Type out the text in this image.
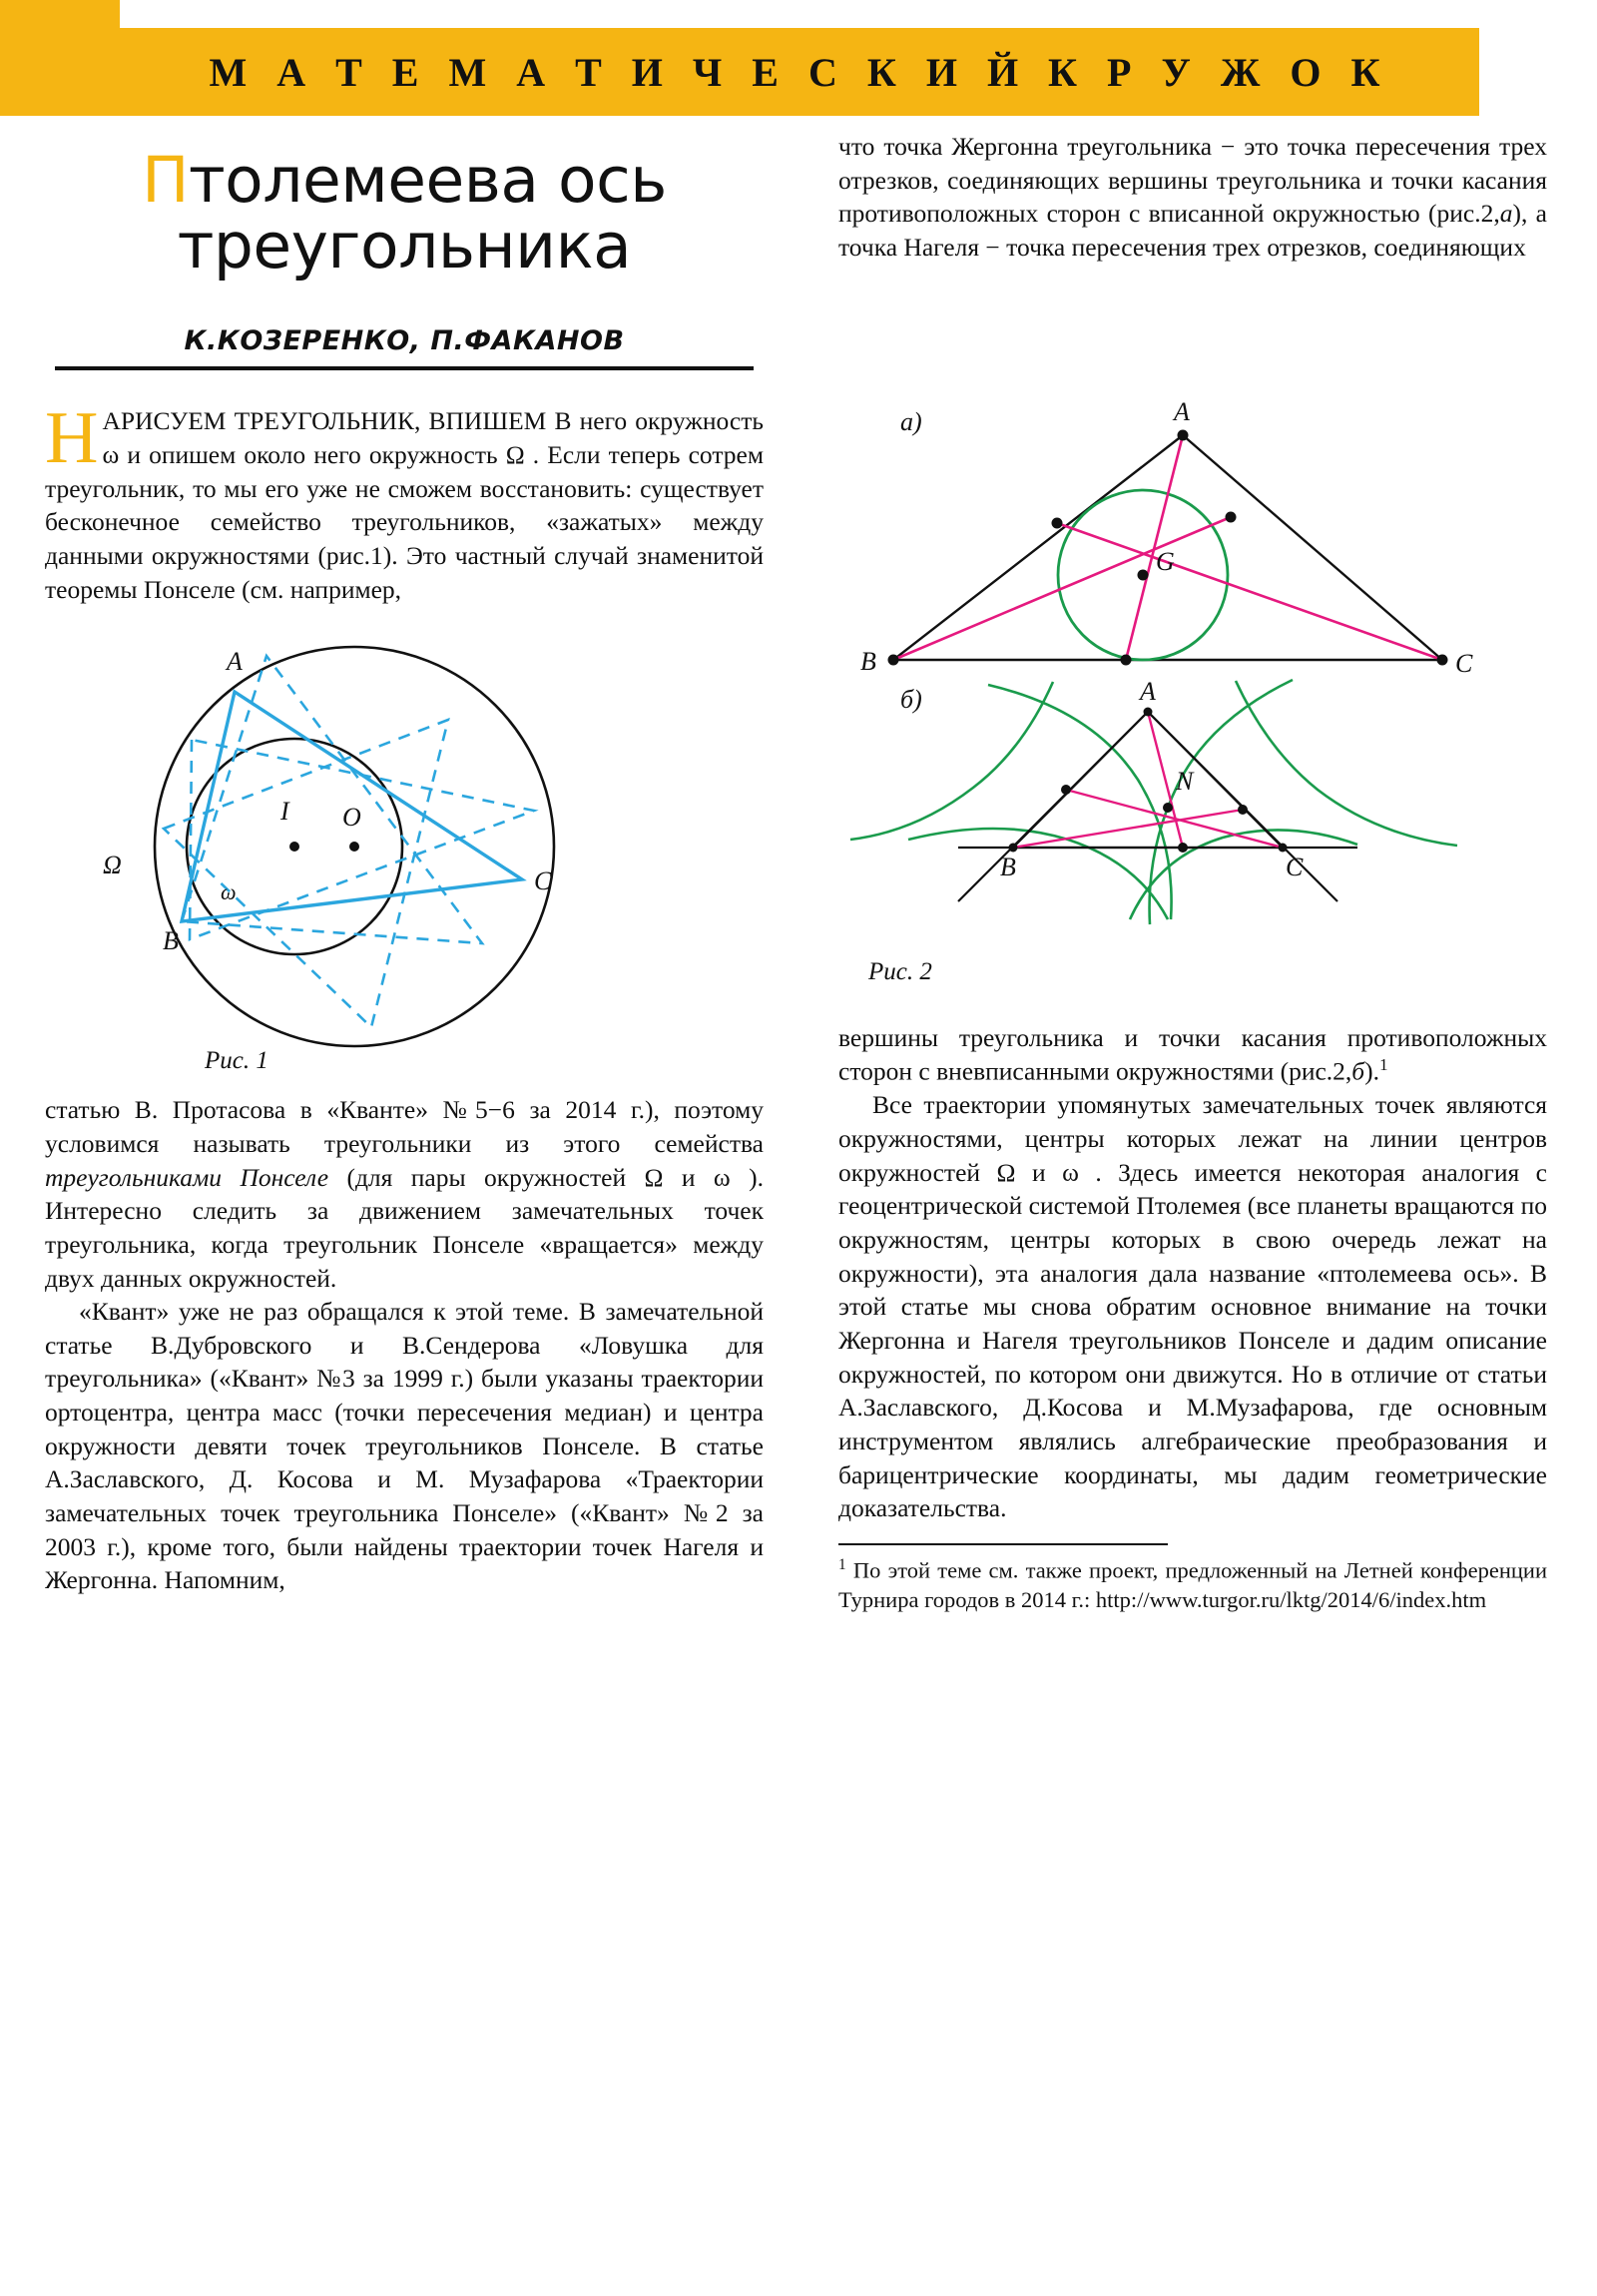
М А Т Е М А Т И Ч Е С К И Й К Р У Ж О К
Птолемеева ось
треугольника
К.КОЗЕРЕНКО, П.ФАКАНОВ

НАРИСУЕМ ТРЕУГОЛЬНИК, ВПИШЕМ В него окружность ω и опишем около него окружность Ω . Если теперь сотрем треугольник, то мы его уже не сможем восстановить: существует бесконечное семейство треугольников, «зажатых» между данными окружностями (рис.1). Это частный случай знаменитой теоремы Понселе (см. например,

A
B
C
O
I
Ω
ω
Рис. 1

статью В. Протасова в «Кванте» №5−6 за 2014 г.), поэтому условимся называть треугольники из этого семейства треугольниками Понселе (для пары окружностей Ω и ω ). Интересно следить за движением замечательных точек треугольника, когда треугольник Понселе «вращается» между двух данных окружностей.

«Квант» уже не раз обращался к этой теме. В замечательной статье В.Дубровского и В.Сендерова «Ловушка для треугольника» («Квант» №3 за 1999 г.) были указаны траектории ортоцентра, центра масс (точки пересечения медиан) и центра окружности девяти точек треугольников Понселе. В статье А.Заславского, Д. Косова и М. Музафарова «Траектории замечательных точек треугольника Понселе» («Квант» №2 за 2003 г.), кроме того, были найдены траектории точек Нагеля и Жергонна. Напомним,

что точка Жергонна треугольника − это точка пересечения трех отрезков, соединяющих вершины треугольника и точки касания противоположных сторон с вписанной окружностью (рис.2,а), а точка Нагеля − точка пересечения трех отрезков, соединяющих

а)	A
B	C
G
б)	A
B	C
N
Рис. 2

вершины треугольника и точки касания противоположных сторон с вневписанными окружностями (рис.2,б).$^1$

Все траектории упомянутых замечательных точек являются окружностями, центры которых лежат на линии центров окружностей Ω и ω . Здесь имеется некоторая аналогия с геоцентрической системой Птолемея (все планеты вращаются по окружностям, центры которых в свою очередь лежат на окружности), эта аналогия дала название «птолемеева ось». В этой статье мы снова обратим основное внимание на точки Жергонна и Нагеля треугольников Понселе и дадим описание окружностей, по котором они движутся. Но в отличие от статьи А.Заславского, Д.Косова и М.Музафарова, где основным инструментом являлись алгебраические преобразования и барицентрические координаты, мы дадим геометрические доказательства.

$^1$ По этой теме см. также проект, предложенный на Летней конференции Турнира городов в 2014 г.: http://www.turgor.ru/lktg/2014/6/index.htm
